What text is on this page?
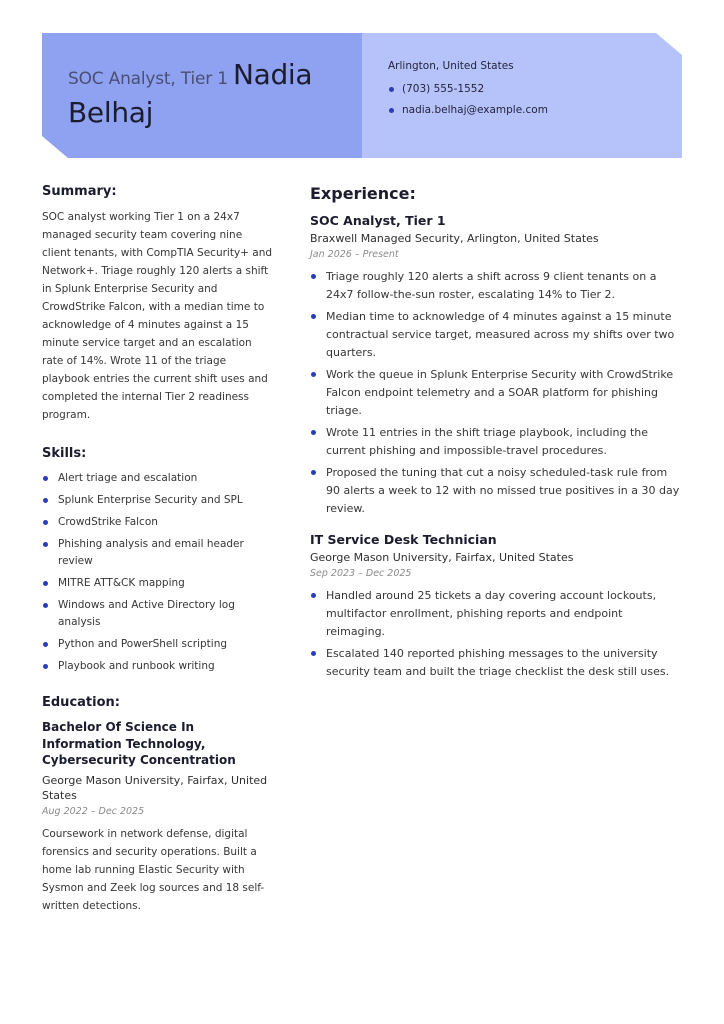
SOC Analyst, Tier 1 Nadia Belhaj
Arlington, United States
(703) 555-1552
nadia.belhaj@example.com
Summary:

SOC analyst working Tier 1 on a 24x7 managed security team covering nine client tenants, with CompTIA Security+ and Network+. Triage roughly 120 alerts a shift in Splunk Enterprise Security and CrowdStrike Falcon, with a median time to acknowledge of 4 minutes against a 15 minute service target and an escalation rate of 14%. Wrote 11 of the triage playbook entries the current shift uses and completed the internal Tier 2 readiness program.

Skills:
Alert triage and escalation
Splunk Enterprise Security and SPL
CrowdStrike Falcon
Phishing analysis and email header review
MITRE ATT&CK mapping
Windows and Active Directory log analysis
Python and PowerShell scripting
Playbook and runbook writing
Education:
Bachelor Of Science In Information Technology, Cybersecurity Concentration
George Mason University, Fairfax, United States
Aug 2022 – Dec 2025

Coursework in network defense, digital forensics and security operations. Built a home lab running Elastic Security with Sysmon and Zeek log sources and 18 self-written detections.

Experience:
SOC Analyst, Tier 1
Braxwell Managed Security, Arlington, United States
Jan 2026 – Present
Triage roughly 120 alerts a shift across 9 client tenants on a 24x7 follow-the-sun roster, escalating 14% to Tier 2.
Median time to acknowledge of 4 minutes against a 15 minute contractual service target, measured across my shifts over two quarters.
Work the queue in Splunk Enterprise Security with CrowdStrike Falcon endpoint telemetry and a SOAR platform for phishing triage.
Wrote 11 entries in the shift triage playbook, including the current phishing and impossible-travel procedures.
Proposed the tuning that cut a noisy scheduled-task rule from 90 alerts a week to 12 with no missed true positives in a 30 day review.
IT Service Desk Technician
George Mason University, Fairfax, United States
Sep 2023 – Dec 2025
Handled around 25 tickets a day covering account lockouts, multifactor enrollment, phishing reports and endpoint reimaging.
Escalated 140 reported phishing messages to the university security team and built the triage checklist the desk still uses.
